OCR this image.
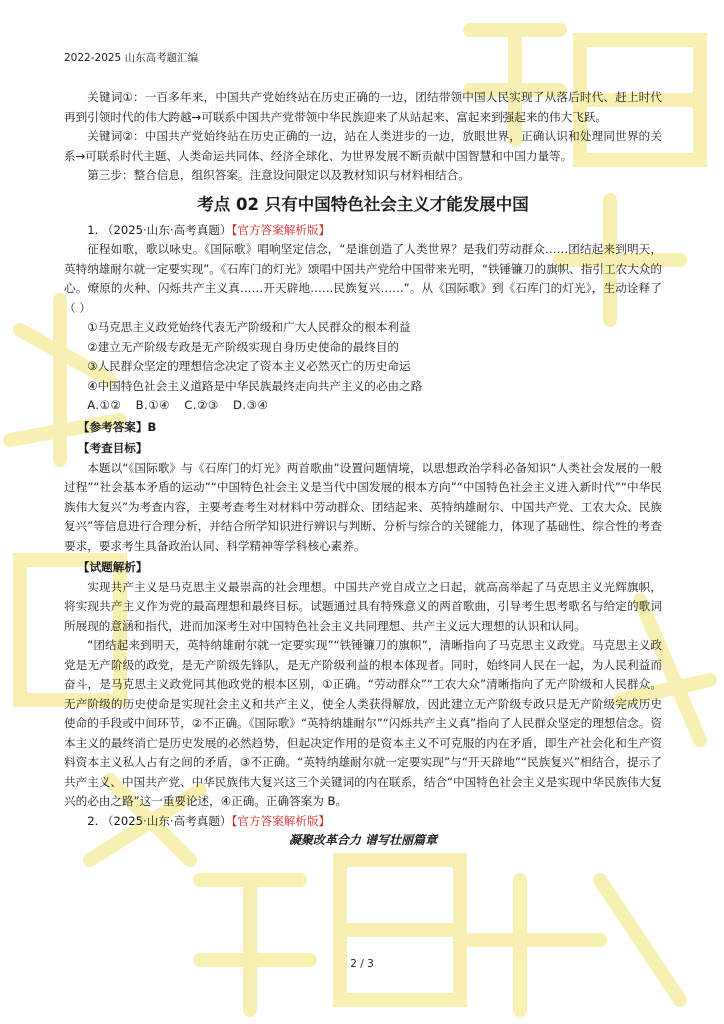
2022-2025 山东高考题汇编

关键词①：一百多年来，中国共产党始终站在历史正确的一边，团结带领中国人民实现了从落后时代、赶上时代再到引领时代的伟大跨越→可联系中国共产党带领中华民族迎来了从站起来、富起来到强起来的伟大飞跃。

关键词②：中国共产党始终站在历史正确的一边，站在人类进步的一边，放眼世界，正确认识和处理同世界的关系→可联系时代主题、人类命运共同体、经济全球化、为世界发展不断贡献中国智慧和中国力量等。

第三步：整合信息，组织答案。注意设问限定以及教材知识与材料相结合。

考点 02 只有中国特色社会主义才能发展中国

1. （2025·山东·高考真题）【官方答案解析版】

征程如歌，歌以咏史。《国际歌》唱响坚定信念，“是谁创造了人类世界？是我们劳动群众……团结起来到明天，英特纳雄耐尔就一定要实现”。《石库门的灯光》颂唱中国共产党给中国带来光明，“铁锤镰刀的旗帜、指引工农大众的心。燎原的火种、闪烁共产主义真……开天辟地……民族复兴……”。从《国际歌》到《石库门的灯光》，生动诠释了（ ）

①马克思主义政党始终代表无产阶级和广大人民群众的根本利益

②建立无产阶级专政是无产阶级实现自身历史使命的最终目的

③人民群众坚定的理想信念决定了资本主义必然灭亡的历史命运

④中国特色社会主义道路是中华民族最终走向共产主义的必由之路

A.①② B.①④ C.②③ D.③④

【参考答案】B

【考查目标】

本题以“《国际歌》与《石库门的灯光》两首歌曲”设置问题情境，以思想政治学科必备知识“人类社会发展的一般过程”“社会基本矛盾的运动”“中国特色社会主义是当代中国发展的根本方向”“中国特色社会主义进入新时代”“中华民族伟大复兴”为考查内容，主要考查考生对材料中劳动群众、团结起来、英特纳雄耐尔、中国共产党、工农大众、民族复兴”等信息进行合理分析，并结合所学知识进行辨识与判断、分析与综合的关键能力，体现了基础性、综合性的考查要求，要求考生具备政治认同、科学精神等学科核心素养。

【试题解析】

实现共产主义是马克思主义最崇高的社会理想。中国共产党自成立之日起，就高高举起了马克思主义光辉旗帜，将实现共产主义作为党的最高理想和最终目标。试题通过具有特殊意义的两首歌曲，引导考生思考歌名与给定的歌词所展现的意涵和指代，进而加深考生对中国特色社会主义共同理想、共产主义远大理想的认识和认同。

“团结起来到明天，英特纳雄耐尔就一定要实现”“铁锤镰刀的旗帜”，清晰指向了马克思主义政党。马克思主义政党是无产阶级的政党，是无产阶级先锋队，是无产阶级利益的根本体现者。同时，始终同人民在一起，为人民利益而奋斗，是马克思主义政党同其他政党的根本区别，①正确。“劳动群众”“工农大众”清晰指向了无产阶级和人民群众。无产阶级的历史使命是实现社会主义和共产主义，使全人类获得解放，因此建立无产阶级专政只是无产阶级完成历史使命的手段或中间环节，②不正确。《国际歌》“英特纳雄耐尔”“闪烁共产主义真”指向了人民群众坚定的理想信念。资本主义的最终消亡是历史发展的必然趋势，但起决定作用的是资本主义不可克服的内在矛盾，即生产社会化和生产资料资本主义私人占有之间的矛盾，③不正确。“英特纳雄耐尔就一定要实现”与“开天辟地”“民族复兴”相结合，提示了共产主义、中国共产党、中华民族伟大复兴这三个关键词的内在联系，结合“中国特色社会主义是实现中华民族伟大复兴的必由之路”这一重要论述，④正确。正确答案为 B。

2. （2025·山东·高考真题）【官方答案解析版】

凝聚改革合力 谱写壮丽篇章

2 / 3
